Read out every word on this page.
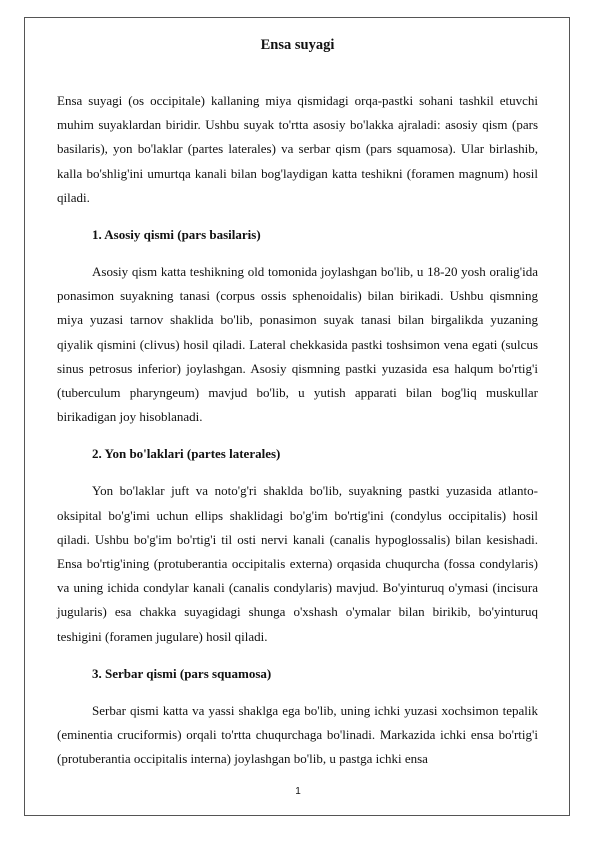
Ensa suyagi

Ensa suyagi (os occipitale) kallaning miya qismidagi orqa-pastki sohani tashkil etuvchi muhim suyaklardan biridir. Ushbu suyak to'rtta asosiy bo'lakka ajraladi: asosiy qism (pars basilaris), yon bo'laklar (partes laterales) va serbar qism (pars squamosa). Ular birlashib, kalla bo'shlig'ini umurtqa kanali bilan bog'laydigan katta teshikni (foramen magnum) hosil qiladi.

1. Asosiy qismi (pars basilaris)

Asosiy qism katta teshikning old tomonida joylashgan bo'lib, u 18-20 yosh oralig'ida ponasimon suyakning tanasi (corpus ossis sphenoidalis) bilan birikadi. Ushbu qismning miya yuzasi tarnov shaklida bo'lib, ponasimon suyak tanasi bilan birgalikda yuzaning qiyalik qismini (clivus) hosil qiladi. Lateral chekkasida pastki toshsimon vena egati (sulcus sinus petrosus inferior) joylashgan. Asosiy qismning pastki yuzasida esa halqum bo'rtig'i (tuberculum pharyngeum) mavjud bo'lib, u yutish apparati bilan bog'liq muskullar birikadigan joy hisoblanadi.

2. Yon bo'laklari (partes laterales)

Yon bo'laklar juft va noto'g'ri shaklda bo'lib, suyakning pastki yuzasida atlanto-oksipital bo'g'imi uchun ellips shaklidagi bo'g'im bo'rtig'ini (condylus occipitalis) hosil qiladi. Ushbu bo'g'im bo'rtig'i til osti nervi kanali (canalis hypoglossalis) bilan kesishadi. Ensa bo'rtig'ining (protuberantia occipitalis externa) orqasida chuqurcha (fossa condylaris) va uning ichida condylar kanali (canalis condylaris) mavjud. Bo'yinturuq o'ymasi (incisura jugularis) esa chakka suyagidagi shunga o'xshash o'ymalar bilan birikib, bo'yinturuq teshigini (foramen jugulare) hosil qiladi.

3. Serbar qismi (pars squamosa)

Serbar qismi katta va yassi shaklga ega bo'lib, uning ichki yuzasi xochsimon tepalik (eminentia cruciformis) orqali to'rtta chuqurchaga bo'linadi. Markazida ichki ensa bo'rtig'i (protuberantia occipitalis interna) joylashgan bo'lib, u pastga ichki ensa

1
